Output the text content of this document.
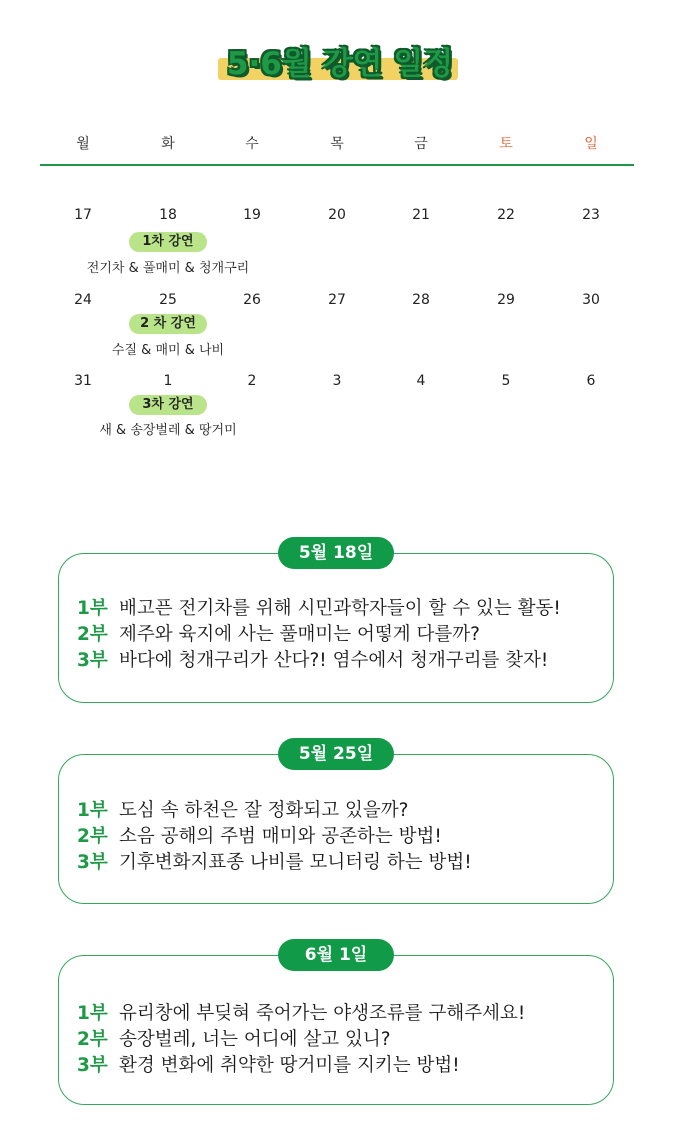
5·6월 강연 일정
월	화	수	목	금	토	일
17	18	19	20	21	22	23
1차 강연
전기차 & 풀매미 & 청개구리
24	25	26	27	28	29	30
2 차 강연
수질 & 매미 & 나비
31	1	2	3	4	5	6
3차 강연
새 & 송장벌레 & 땅거미
5월 18일
1부 배고픈 전기차를 위해 시민과학자들이 할 수 있는 활동!
2부 제주와 육지에 사는 풀매미는 어떻게 다를까?
3부 바다에 청개구리가 산다?! 염수에서 청개구리를 찾자!
5월 25일
1부 도심 속 하천은 잘 정화되고 있을까?
2부 소음 공해의 주범 매미와 공존하는 방법!
3부 기후변화지표종 나비를 모니터링 하는 방법!
6월 1일
1부 유리창에 부딪혀 죽어가는 야생조류를 구해주세요!
2부 송장벌레, 너는 어디에 살고 있니?
3부 환경 변화에 취약한 땅거미를 지키는 방법!
